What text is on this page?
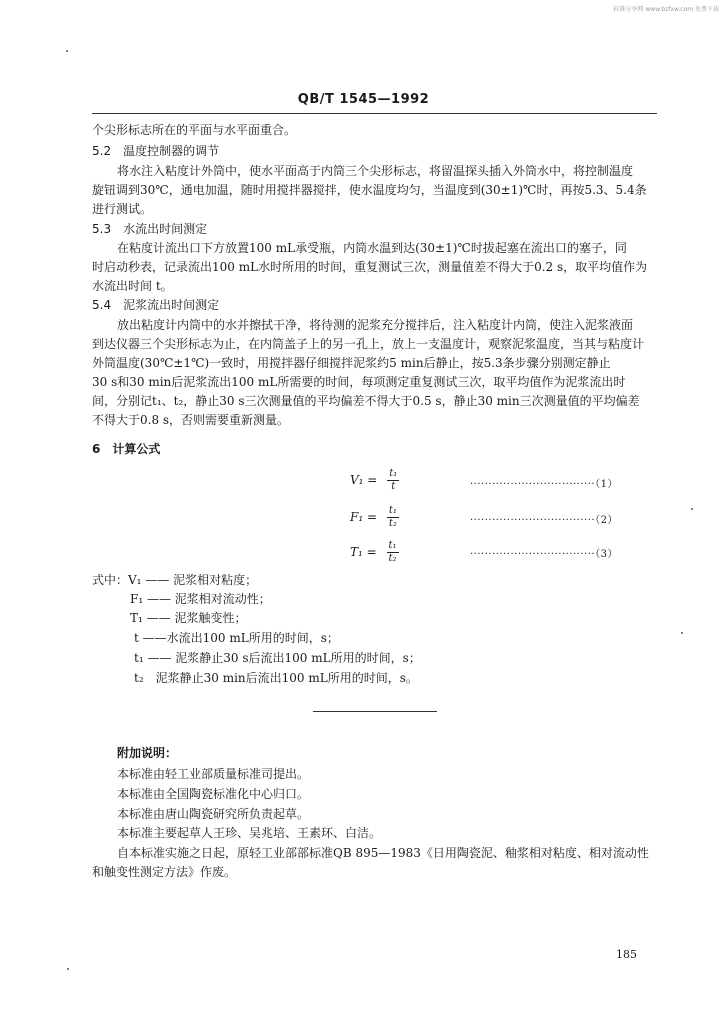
标准分享网 www.bzfxw.com 免费下载
QB/T 1545—1992
个尖形标志所在的平面与水平面重合。
5.2　温度控制器的调节
将水注入粘度计外筒中，使水平面高于内筒三个尖形标志，将留温探头插入外筒水中，将控制温度
旋钮调到30℃，通电加温，随时用搅拌器搅拌，使水温度均匀，当温度到(30±1)℃时，再按5.3、5.4条
进行测试。
5.3　水流出时间测定
在粘度计流出口下方放置100 mL承受瓶，内筒水温到达(30±1)℃时拔起塞在流出口的塞子，同
时启动秒表，记录流出100 mL水时所用的时间，重复测试三次，测量值差不得大于0.2 s，取平均值作为
水流出时间 t。
5.4　泥浆流出时间测定
放出粘度计内筒中的水并擦拭干净，将待测的泥浆充分搅拌后，注入粘度计内筒，使注入泥浆液面
到达仪器三个尖形标志为止，在内筒盖子上的另一孔上，放上一支温度计，观察泥浆温度，当其与粘度计
外筒温度(30℃±1℃)一致时，用搅拌器仔细搅拌泥浆约5 min后静止，按5.3条步骤分别测定静止
30 s和30 min后泥浆流出100 mL所需要的时间，每项测定重复测试三次，取平均值作为泥浆流出时
间，分别记t₁、t₂，静止30 s三次测量值的平均偏差不得大于0.5 s，静止30 min三次测量值的平均偏差
不得大于0.8 s，否则需要重新测量。
6　计算公式
$V_1 = \frac{\text{t₁}}{t}$	··································（1）
$F_1 = \frac{\text{t₁}}{\text{t₂}}$	··································（2）
$T_1 = \frac{\text{t₁}}{\text{t₂}}$	··································（3）
式中：V₁ —— 泥浆相对粘度；
F₁ —— 泥浆相对流动性；
T₁ —— 泥浆触变性；
t ——水流出100 mL所用的时间，s；
t₁ —— 泥浆静止30 s后流出100 mL所用的时间，s；
t₂　泥浆静止30 min后流出100 mL所用的时间，s。
附加说明：
本标准由轻工业部质量标准司提出。
本标准由全国陶瓷标准化中心归口。
本标准由唐山陶瓷研究所负责起草。
本标准主要起草人王珍、吴兆培、王素环、白洁。
自本标准实施之日起，原轻工业部部标准QB 895—1983《日用陶瓷泥、釉浆相对粘度、相对流动性
和触变性测定方法》作废。
185
